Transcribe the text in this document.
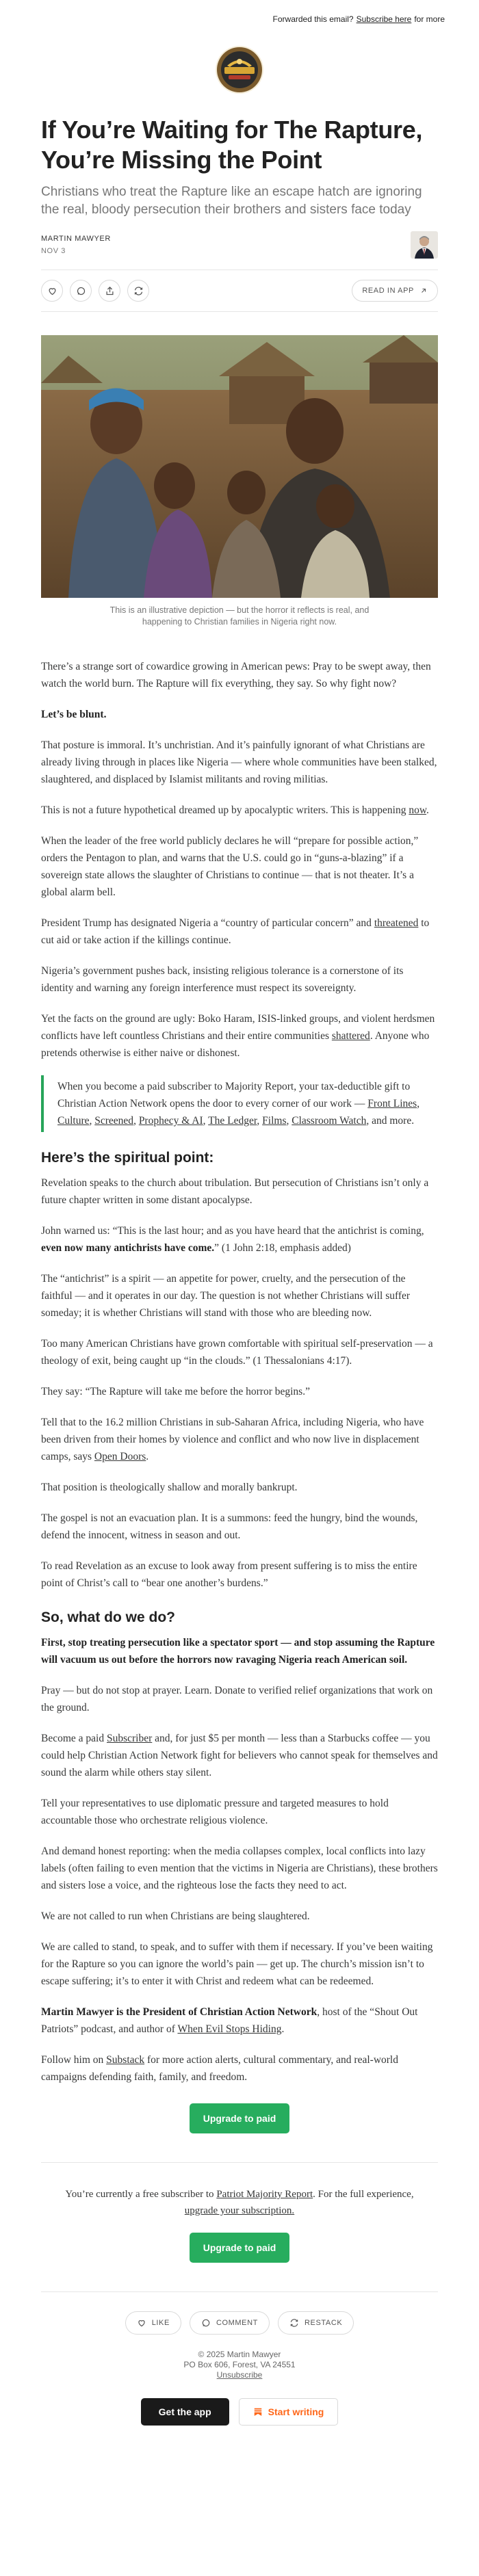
Forwarded this email? Subscribe here for more
If You’re Waiting for The Rapture, You’re Missing the Point
Christians who treat the Rapture like an escape hatch are ignoring the real, bloody persecution their brothers and sisters face today
MARTIN MAWYER
NOV 3
READ IN APP
This is an illustrative depiction — but the horror it reflects is real, and happening to Christian families in Nigeria right now.

There’s a strange sort of cowardice growing in American pews: Pray to be swept away, then watch the world burn. The Rapture will fix everything, they say. So why fight now?

Let’s be blunt.

That posture is immoral. It’s unchristian. And it’s painfully ignorant of what Christians are already living through in places like Nigeria — where whole communities have been stalked, slaughtered, and displaced by Islamist militants and roving militias.

This is not a future hypothetical dreamed up by apocalyptic writers. This is happening now.

When the leader of the free world publicly declares he will “prepare for possible action,” orders the Pentagon to plan, and warns that the U.S. could go in “guns-a-blazing” if a sovereign state allows the slaughter of Christians to continue — that is not theater. It’s a global alarm bell.

President Trump has designated Nigeria a “country of particular concern” and threatened to cut aid or take action if the killings continue.

Nigeria’s government pushes back, insisting religious tolerance is a cornerstone of its identity and warning any foreign interference must respect its sovereignty.

Yet the facts on the ground are ugly: Boko Haram, ISIS-linked groups, and violent herdsmen conflicts have left countless Christians and their entire communities shattered. Anyone who pretends otherwise is either naive or dishonest.

When you become a paid subscriber to Majority Report, your tax-deductible gift to Christian Action Network opens the door to every corner of our work — Front Lines, Culture, Screened, Prophecy & AI, The Ledger, Films, Classroom Watch, and more.
Here’s the spiritual point:

Revelation speaks to the church about tribulation. But persecution of Christians isn’t only a future chapter written in some distant apocalypse.

John warned us: “This is the last hour; and as you have heard that the antichrist is coming, even now many antichrists have come.” (1 John 2:18, emphasis added)

The “antichrist” is a spirit — an appetite for power, cruelty, and the persecution of the faithful — and it operates in our day. The question is not whether Christians will suffer someday; it is whether Christians will stand with those who are bleeding now.

Too many American Christians have grown comfortable with spiritual self-preservation — a theology of exit, being caught up “in the clouds.” (1 Thessalonians 4:17).

They say: “The Rapture will take me before the horror begins.”

Tell that to the 16.2 million Christians in sub-Saharan Africa, including Nigeria, who have been driven from their homes by violence and conflict and who now live in displacement camps, says Open Doors.

That position is theologically shallow and morally bankrupt.

The gospel is not an evacuation plan. It is a summons: feed the hungry, bind the wounds, defend the innocent, witness in season and out.

To read Revelation as an excuse to look away from present suffering is to miss the entire point of Christ’s call to “bear one another’s burdens.”

So, what do we do?

First, stop treating persecution like a spectator sport — and stop assuming the Rapture will vacuum us out before the horrors now ravaging Nigeria reach American soil.

Pray — but do not stop at prayer. Learn. Donate to verified relief organizations that work on the ground.

Become a paid Subscriber and, for just $5 per month — less than a Starbucks coffee — you could help Christian Action Network fight for believers who cannot speak for themselves and sound the alarm while others stay silent.

Tell your representatives to use diplomatic pressure and targeted measures to hold accountable those who orchestrate religious violence.

And demand honest reporting: when the media collapses complex, local conflicts into lazy labels (often failing to even mention that the victims in Nigeria are Christians), these brothers and sisters lose a voice, and the righteous lose the facts they need to act.

We are not called to run when Christians are being slaughtered.

We are called to stand, to speak, and to suffer with them if necessary. If you’ve been waiting for the Rapture so you can ignore the world’s pain — get up. The church’s mission isn’t to escape suffering; it’s to enter it with Christ and redeem what can be redeemed.

Martin Mawyer is the President of Christian Action Network, host of the “Shout Out Patriots” podcast, and author of When Evil Stops Hiding.

Follow him on Substack for more action alerts, cultural commentary, and real-world campaigns defending faith, family, and freedom.

Upgrade to paid

You’re currently a free subscriber to Patriot Majority Report. For the full experience, upgrade your subscription.

Upgrade to paid
LIKE	COMMENT	RESTACK
© 2025 Martin Mawyer
PO Box 606, Forest, VA 24551
Unsubscribe
Get the app	Start writing
